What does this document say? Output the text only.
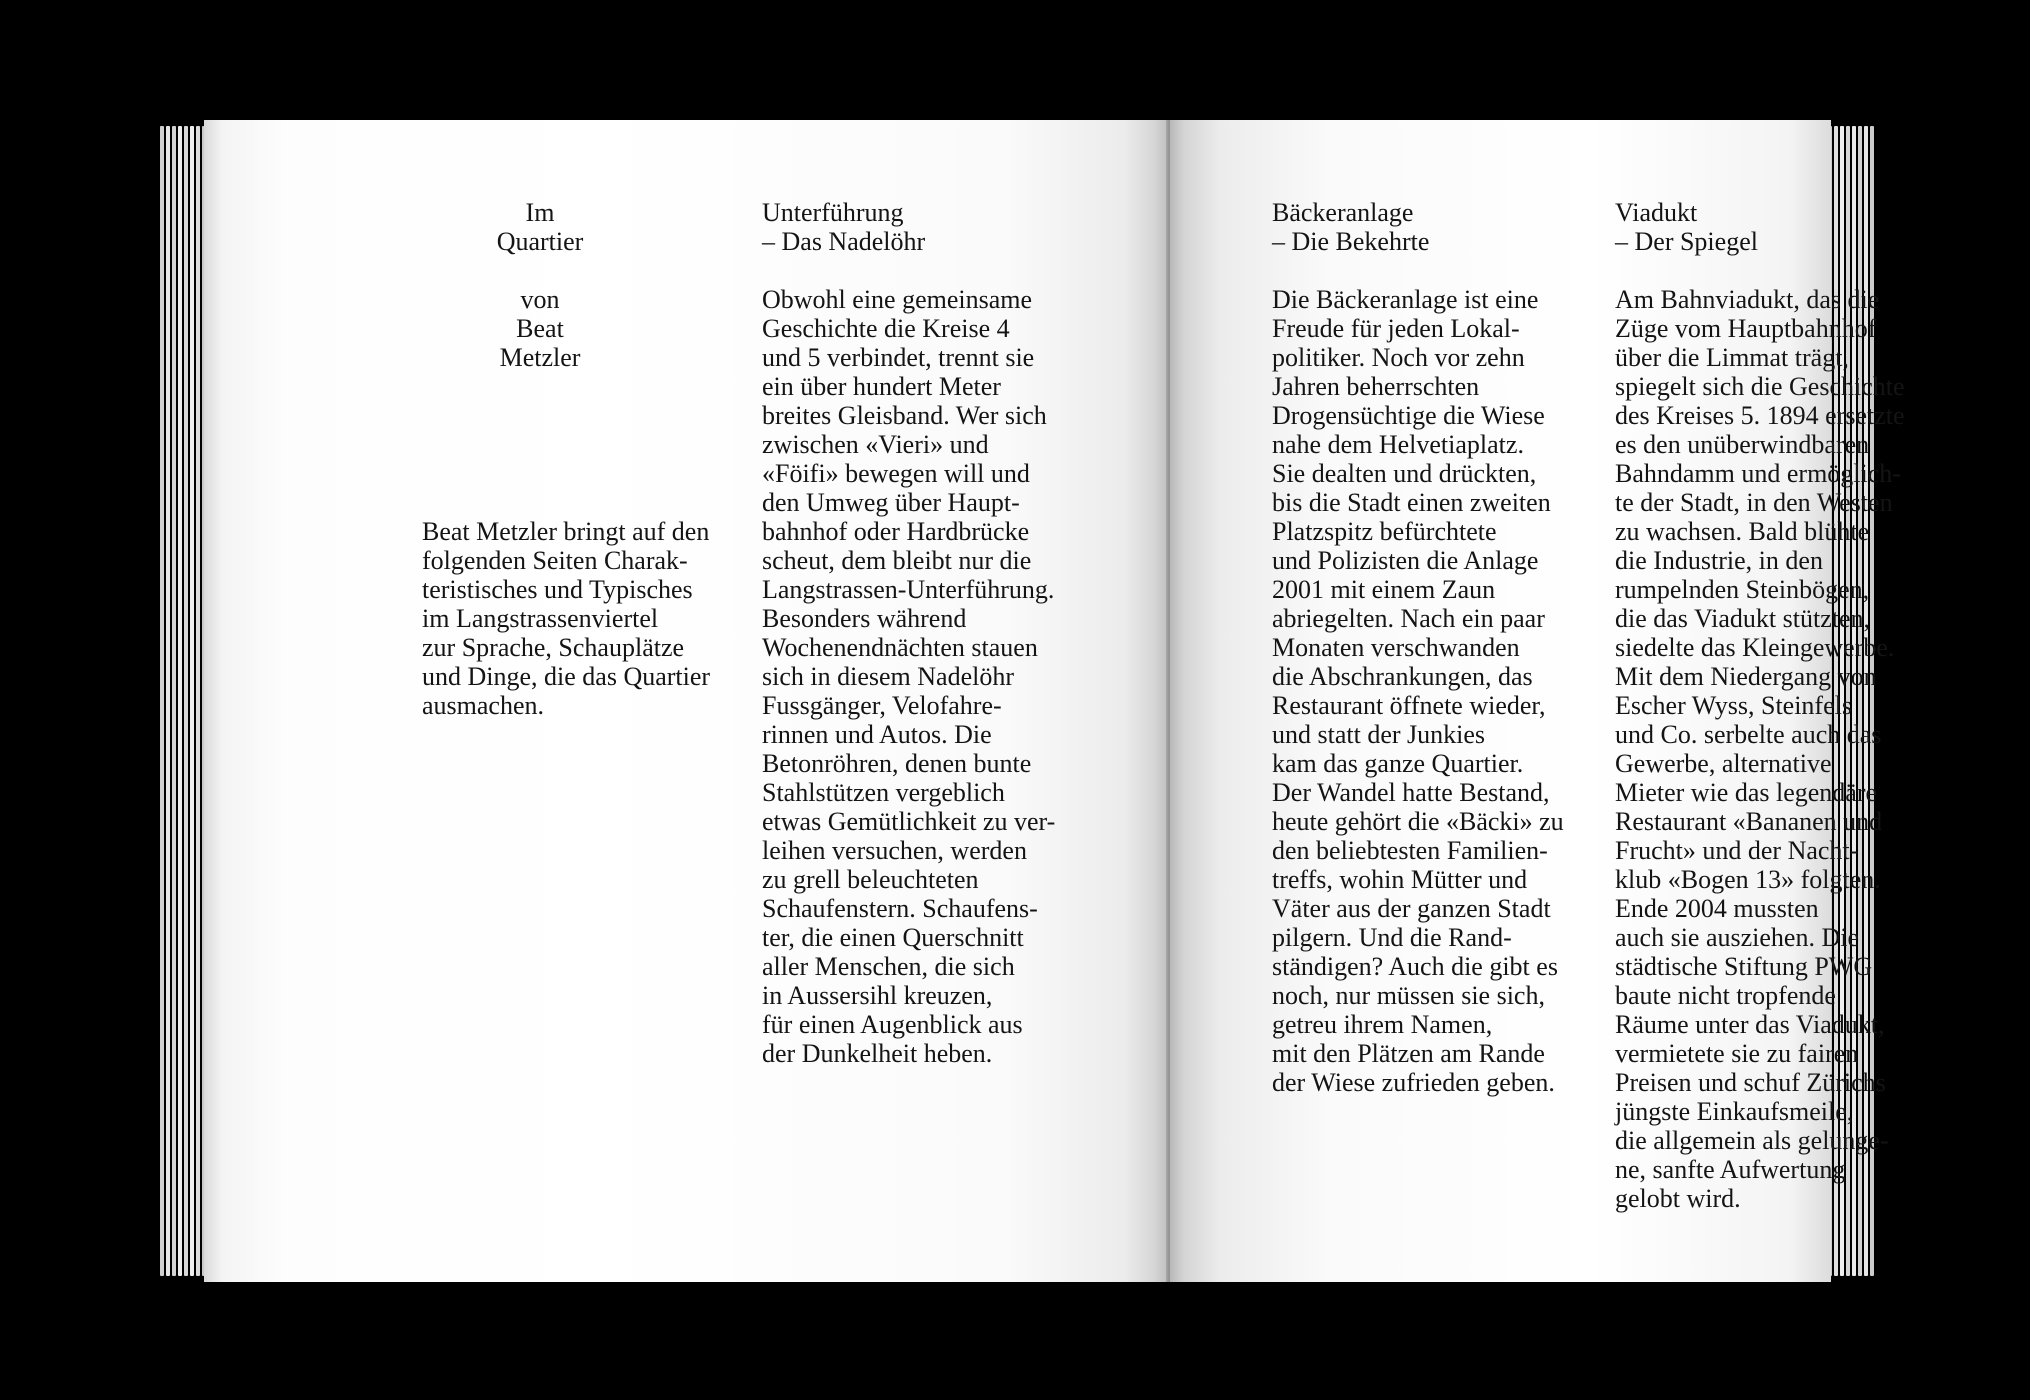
Im
Quartier

von
Beat
Metzler
Beat Metzler bringt auf den
folgenden Seiten Charak-
teristisches und Typisches
im Langstrassenviertel
zur Sprache, Schauplätze
und Dinge, die das Quartier
ausmachen.
Unterführung
– Das Nadelöhr
Obwohl eine gemeinsame
Geschichte die Kreise 4
und 5 verbindet, trennt sie
ein über hundert Meter
breites Gleisband. Wer sich
zwischen «Vieri» und
«Föifi» bewegen will und
den Umweg über Haupt-
bahnhof oder Hardbrücke
scheut, dem bleibt nur die
Langstrassen-Unterführung.
Besonders während
Wochenendnächten stauen
sich in diesem Nadelöhr
Fussgänger, Velofahre-
rinnen und Autos. Die
Betonröhren, denen bunte
Stahlstützen vergeblich
etwas Gemütlichkeit zu ver-
leihen versuchen, werden
zu grell beleuchteten
Schaufenstern. Schaufens-
ter, die einen Querschnitt
aller Menschen, die sich
in Aussersihl kreuzen,
für einen Augenblick aus
der Dunkelheit heben.
Bäckeranlage
– Die Bekehrte
Die Bäckeranlage ist eine
Freude für jeden Lokal-
politiker. Noch vor zehn
Jahren beherrschten
Drogensüchtige die Wiese
nahe dem Helvetiaplatz.
Sie dealten und drückten,
bis die Stadt einen zweiten
Platzspitz befürchtete
und Polizisten die Anlage
2001 mit einem Zaun
abriegelten. Nach ein paar
Monaten verschwanden
die Abschrankungen, das
Restaurant öffnete wieder,
und statt der Junkies
kam das ganze Quartier.
Der Wandel hatte Bestand,
heute gehört die «Bäcki» zu
den beliebtesten Familien-
treffs, wohin Mütter und
Väter aus der ganzen Stadt
pilgern. Und die Rand-
ständigen? Auch die gibt es
noch, nur müssen sie sich,
getreu ihrem Namen,
mit den Plätzen am Rande
der Wiese zufrieden geben.
Viadukt
– Der Spiegel
Am Bahnviadukt, das die
Züge vom Hauptbahnhof
über die Limmat trägt,
spiegelt sich die Geschichte
des Kreises 5. 1894 ersetzte
es den unüberwindbaren
Bahndamm und ermöglich-
te der Stadt, in den Westen
zu wachsen. Bald blühte
die Industrie, in den
rumpelnden Steinbögen,
die das Viadukt stützten,
siedelte das Kleingewerbe.
Mit dem Niedergang von
Escher Wyss, Steinfels
und Co. serbelte auch das
Gewerbe, alternative
Mieter wie das legendäre
Restaurant «Bananen und
Frucht» und der Nacht-
klub «Bogen 13» folgten.
Ende 2004 mussten
auch sie ausziehen. Die
städtische Stiftung PWG
baute nicht tropfende
Räume unter das Viadukt,
vermietete sie zu fairen
Preisen und schuf Zürichs
jüngste Einkaufsmeile,
die allgemein als gelunge-
ne, sanfte Aufwertung
gelobt wird.
